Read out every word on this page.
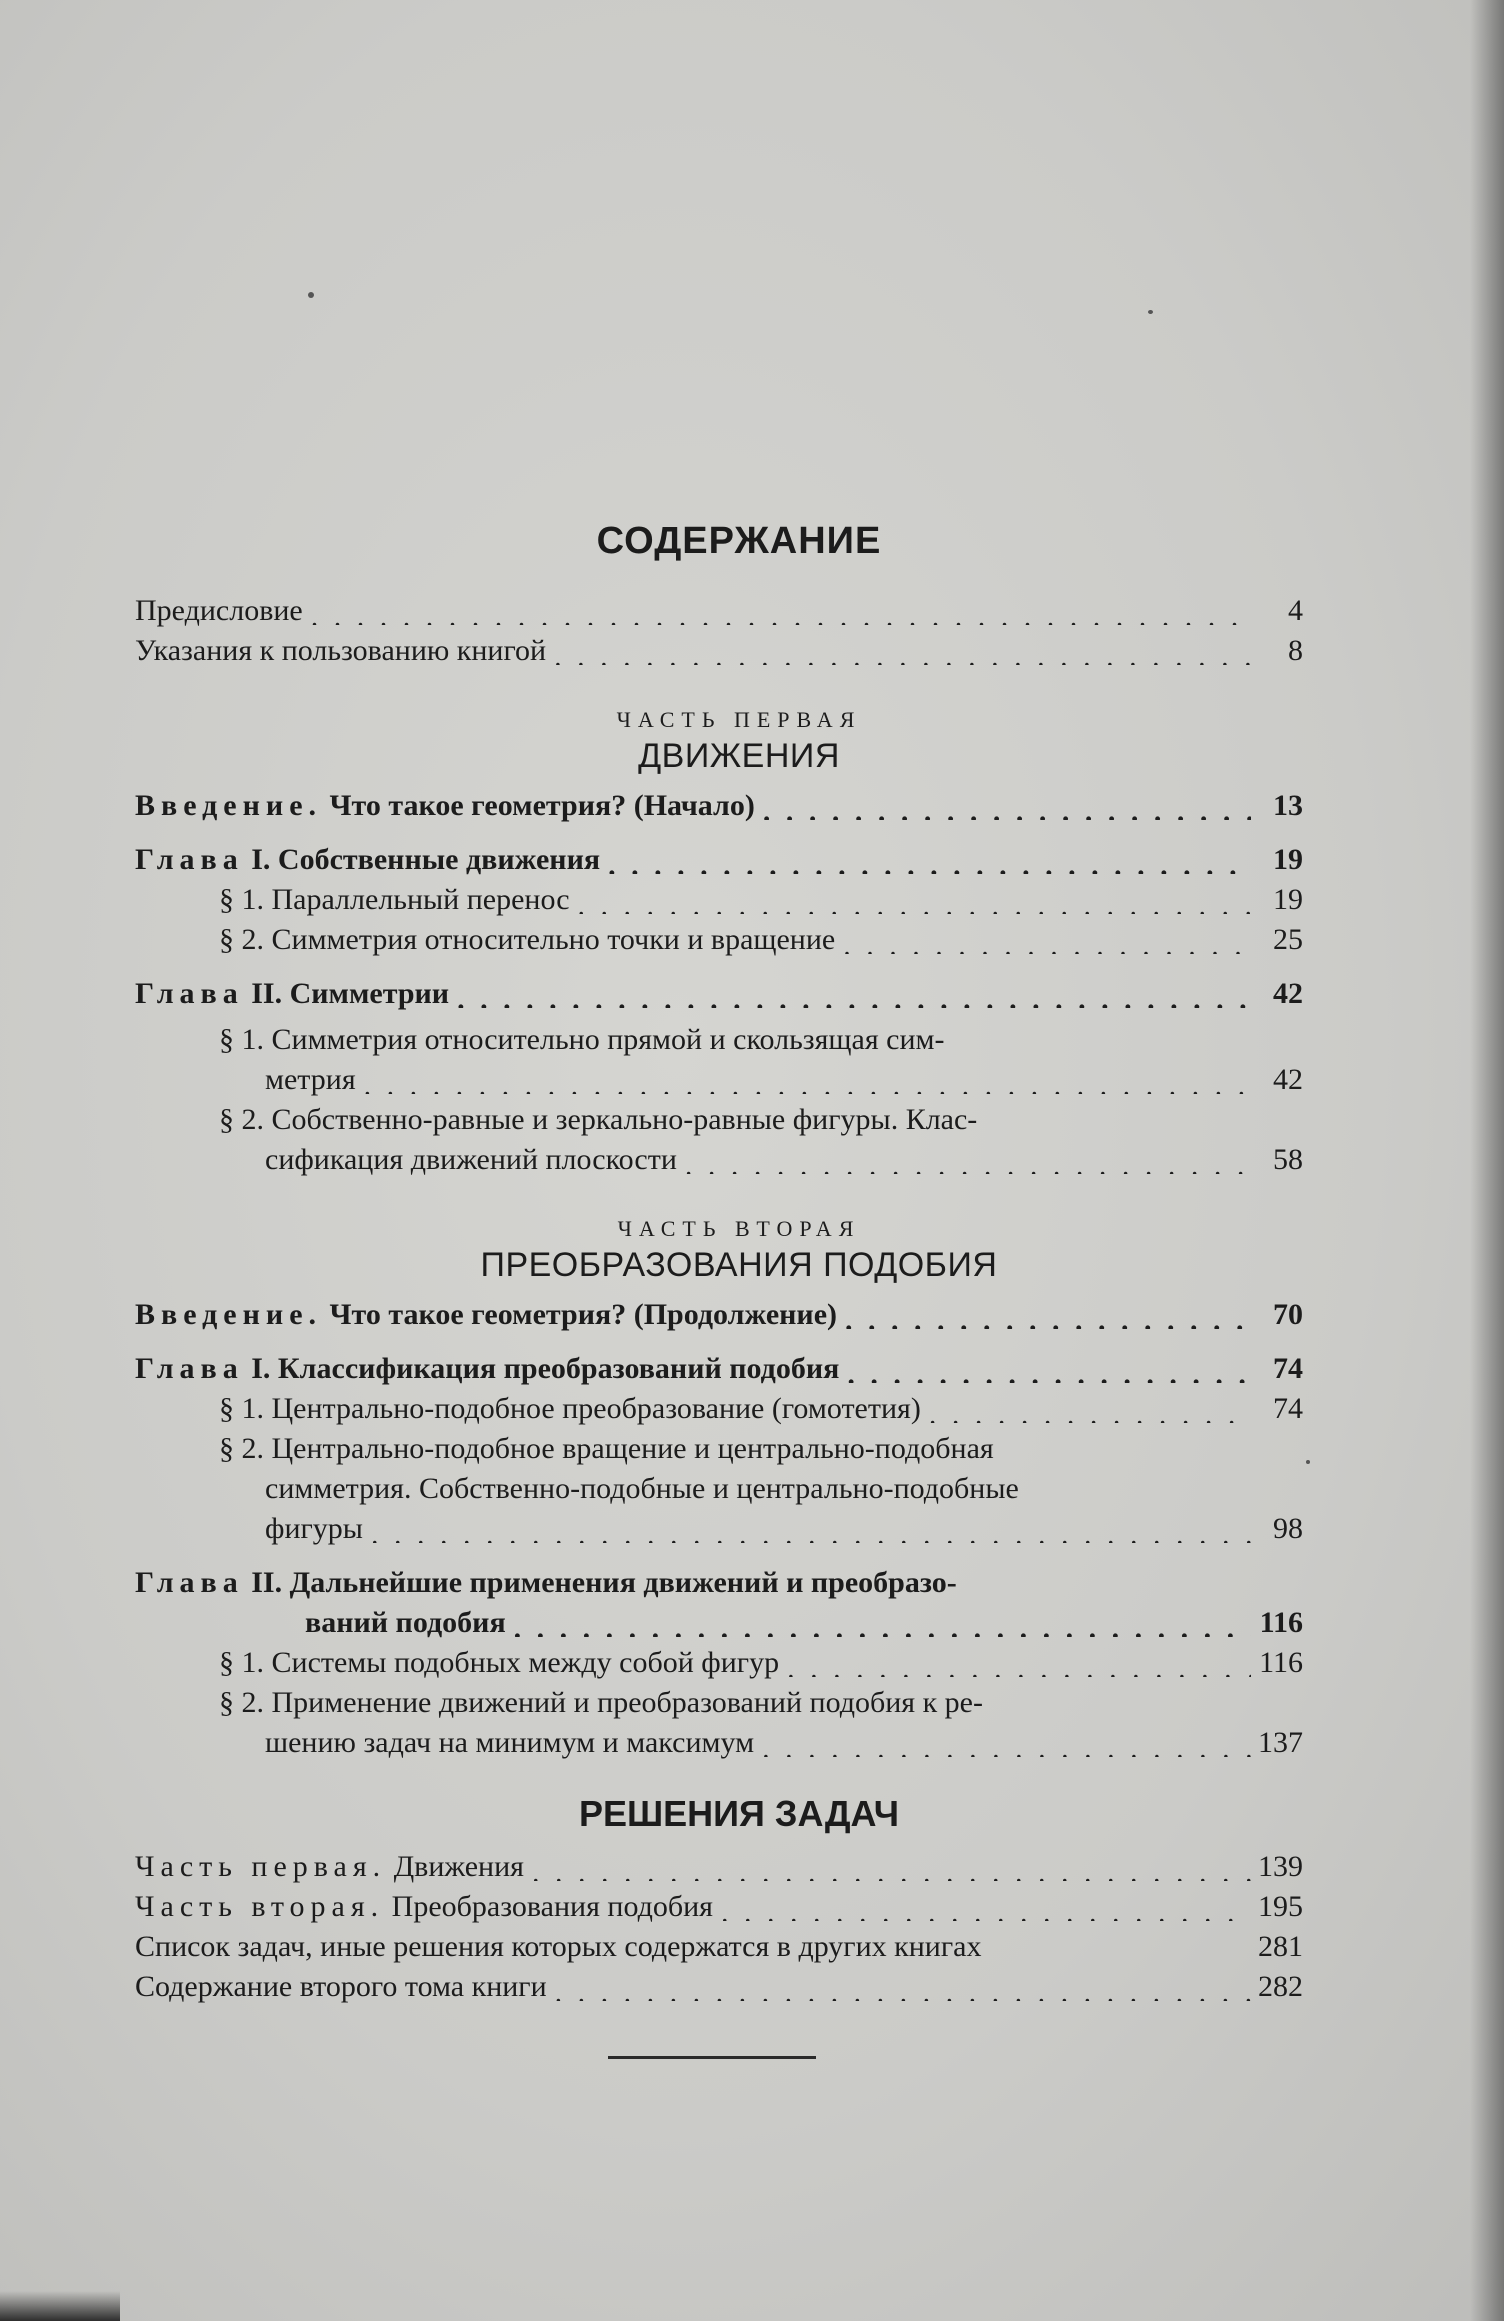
СОДЕРЖАНИЕ
Предисловие . . .	4
Указания к пользованию книгой . . .	8
ЧАСТЬ ПЕРВАЯ
ДВИЖЕНИЯ
Введение. Что такое геометрия? (Начало) . . .	13
Глава I. Собственные движения . . .	19
§ 1. Параллельный перенос . . .	19
§ 2. Симметрия относительно точки и вращение . . .	25
Глава II. Симметрии . . .	42
§ 1. Симметрия относительно прямой и скользящая сим-
метрия . . .	42
§ 2. Собственно-равные и зеркально-равные фигуры. Клас-
сификация движений плоскости . . .	58
ЧАСТЬ ВТОРАЯ
ПРЕОБРАЗОВАНИЯ ПОДОБИЯ
Введение. Что такое геометрия? (Продолжение) . . .	70
Глава I. Классификация преобразований подобия . . .	74
§ 1. Центрально-подобное преобразование (гомотетия) . . .	74
§ 2. Центрально-подобное вращение и центрально-подобная
симметрия. Собственно-подобные и центрально-подобные
фигуры . . .	98
Глава II. Дальнейшие применения движений и преобразо-
ваний подобия . . .	116
§ 1. Системы подобных между собой фигур . . .	116
§ 2. Применение движений и преобразований подобия к ре-
шению задач на минимум и максимум . . .	137
РЕШЕНИЯ ЗАДАЧ
Часть первая. Движения . . .	139
Часть вторая. Преобразования подобия . . .	195
Список задач, иные решения которых содержатся в других книгах	281
Содержание второго тома книги . . .	282
